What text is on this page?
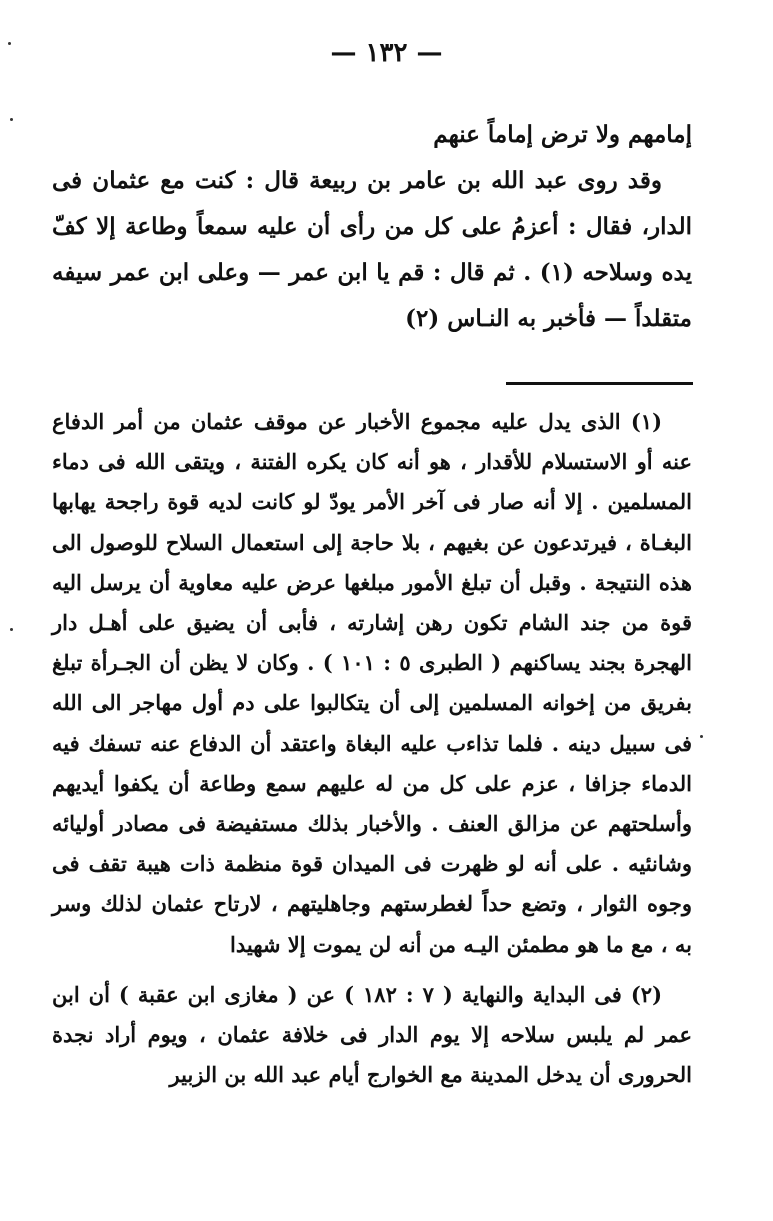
— ١٣٢ —

إمامهم ولا ترض إماماً عنهم

وقد روى عبد الله بن عامر بن ربيعة قال : كنت مع عثمان فى الدار، فقال : أعزمُ على كل من رأى أن عليه سمعاً وطاعة إلا كفّ يده وسلاحه (١) . ثم قال : قم يا ابن عمر — وعلى ابن عمر سيفه متقلداً — فأخبر به النـاس (٢)

(١) الذى يدل عليه مجموع الأخبار عن موقف عثمان من أمر الدفاع عنه أو الاستسلام للأقدار ، هو أنه كان يكره الفتنة ، ويتقى الله فى دماء المسلمين . إلا أنه صار فى آخر الأمر يودّ لو كانت لديه قوة راجحة يهابها البغـاة ، فيرتدعون عن بغيهم ، بلا حاجة إلى استعمال السلاح للوصول الى هذه النتيجة . وقبل أن تبلغ الأمور مبلغها عرض عليه معاوية أن يرسل اليه قوة من جند الشام تكون رهن إشارته ، فأبى أن يضيق على أهـل دار الهجرة بجند يساكنهم ( الطبرى ٥ : ١٠١ ) . وكان لا يظن أن الجـرأة تبلغ بفريق من إخوانه المسلمين إلى أن يتكالبوا على دم أول مهاجر الى الله فى سبيل دينه . فلما تذاءب عليه البغاة واعتقد أن الدفاع عنه تسفك فيه الدماء جزافا ، عزم على كل من له عليهم سمع وطاعة أن يكفوا أيديهم وأسلحتهم عن مزالق العنف . والأخبار بذلك مستفيضة فى مصادر أوليائه وشانئيه . على أنه لو ظهرت فى الميدان قوة منظمة ذات هيبة تقف فى وجوه الثوار ، وتضع حداً لغطرستهم وجاهليتهم ، لارتاح عثمان لذلك وسر به ، مع ما هو مطمئن اليـه من أنه لن يموت إلا شهيدا

(٢) فى البداية والنهاية ( ٧ : ١٨٢ ) عن ( مغازى ابن عقبة ) أن ابن عمر لم يلبس سلاحه إلا يوم الدار فى خلافة عثمان ، ويوم أراد نجدة الحرورى أن يدخل المدينة مع الخوارج أيام عبد الله بن الزبير
